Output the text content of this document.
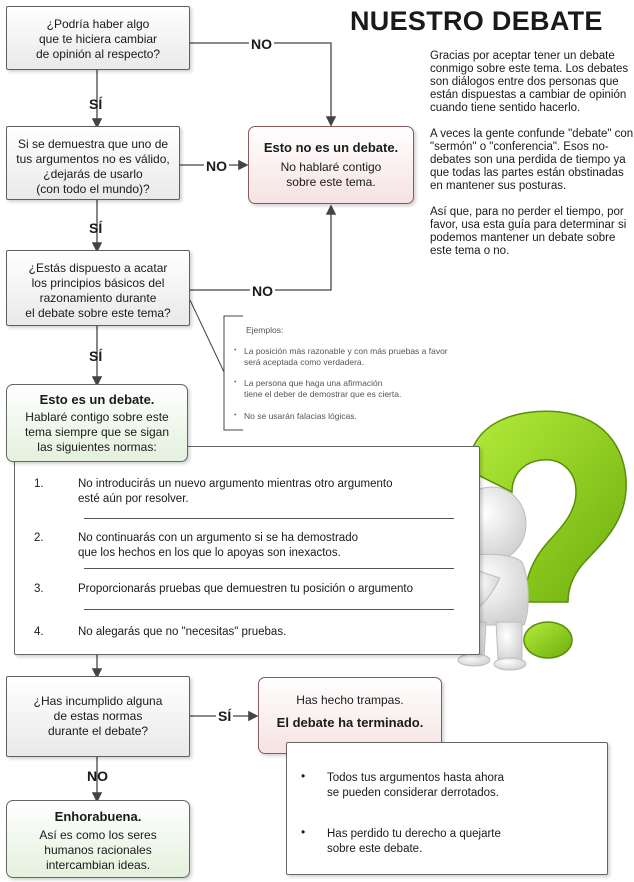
NUESTRO DEBATE

Gracias por aceptar tener un debate conmigo sobre este tema. Los debates son diálogos entre dos personas que están dispuestas a cambiar de opinión cuando tiene sentido hacerlo.

A veces la gente confunde "debate" con "sermón" o "conferencia". Esos no-debates son una perdida de tiempo ya que todas las partes están obstinadas en mantener sus posturas.

Así que, para no perder el tiempo, por favor, usa esta guía para determinar si podemos mantener un debate sobre este tema o no.

¿Podría haber algo
que te hiciera cambiar
de opinión al respecto?
Si se demuestra que uno de
tus argumentos no es válido,
¿dejarás de usarlo
(con todo el mundo)?
¿Estás dispuesto a acatar
los principios básicos del
razonamiento durante
el debate sobre este tema?
SÍ
SÍ
SÍ
NO
NO
NO
SÍ
NO
Esto no es un debate.
No hablaré contigo
sobre este tema.
Ejemplos:
• La posición más razonable y con más pruebas a favor
será aceptada como verdadera.
• La persona que haga una afirmación
tiene el deber de demostrar que es cierta.
• No se usarán falacias lógicas.
Esto es un debate.
Hablaré contigo sobre este
tema siempre que se sigan
las siguientes normas:
1.	No introducirás un nuevo argumento mientras otro argumento
esté aún por resolver.
2.	No continuarás con un argumento si se ha demostrado
que los hechos en los que lo apoyas son inexactos.
3.	Proporcionarás pruebas que demuestren tu posición o argumento
4.	No alegarás que no "necesitas" pruebas.
¿Has incumplido alguna
de estas normas
durante el debate?
Has hecho trampas.
El debate ha terminado.
• Todos tus argumentos hasta ahora
se pueden considerar derrotados.
• Has perdido tu derecho a quejarte
sobre este debate.
Enhorabuena.
Así es como los seres
humanos racionales
intercambian ideas.
